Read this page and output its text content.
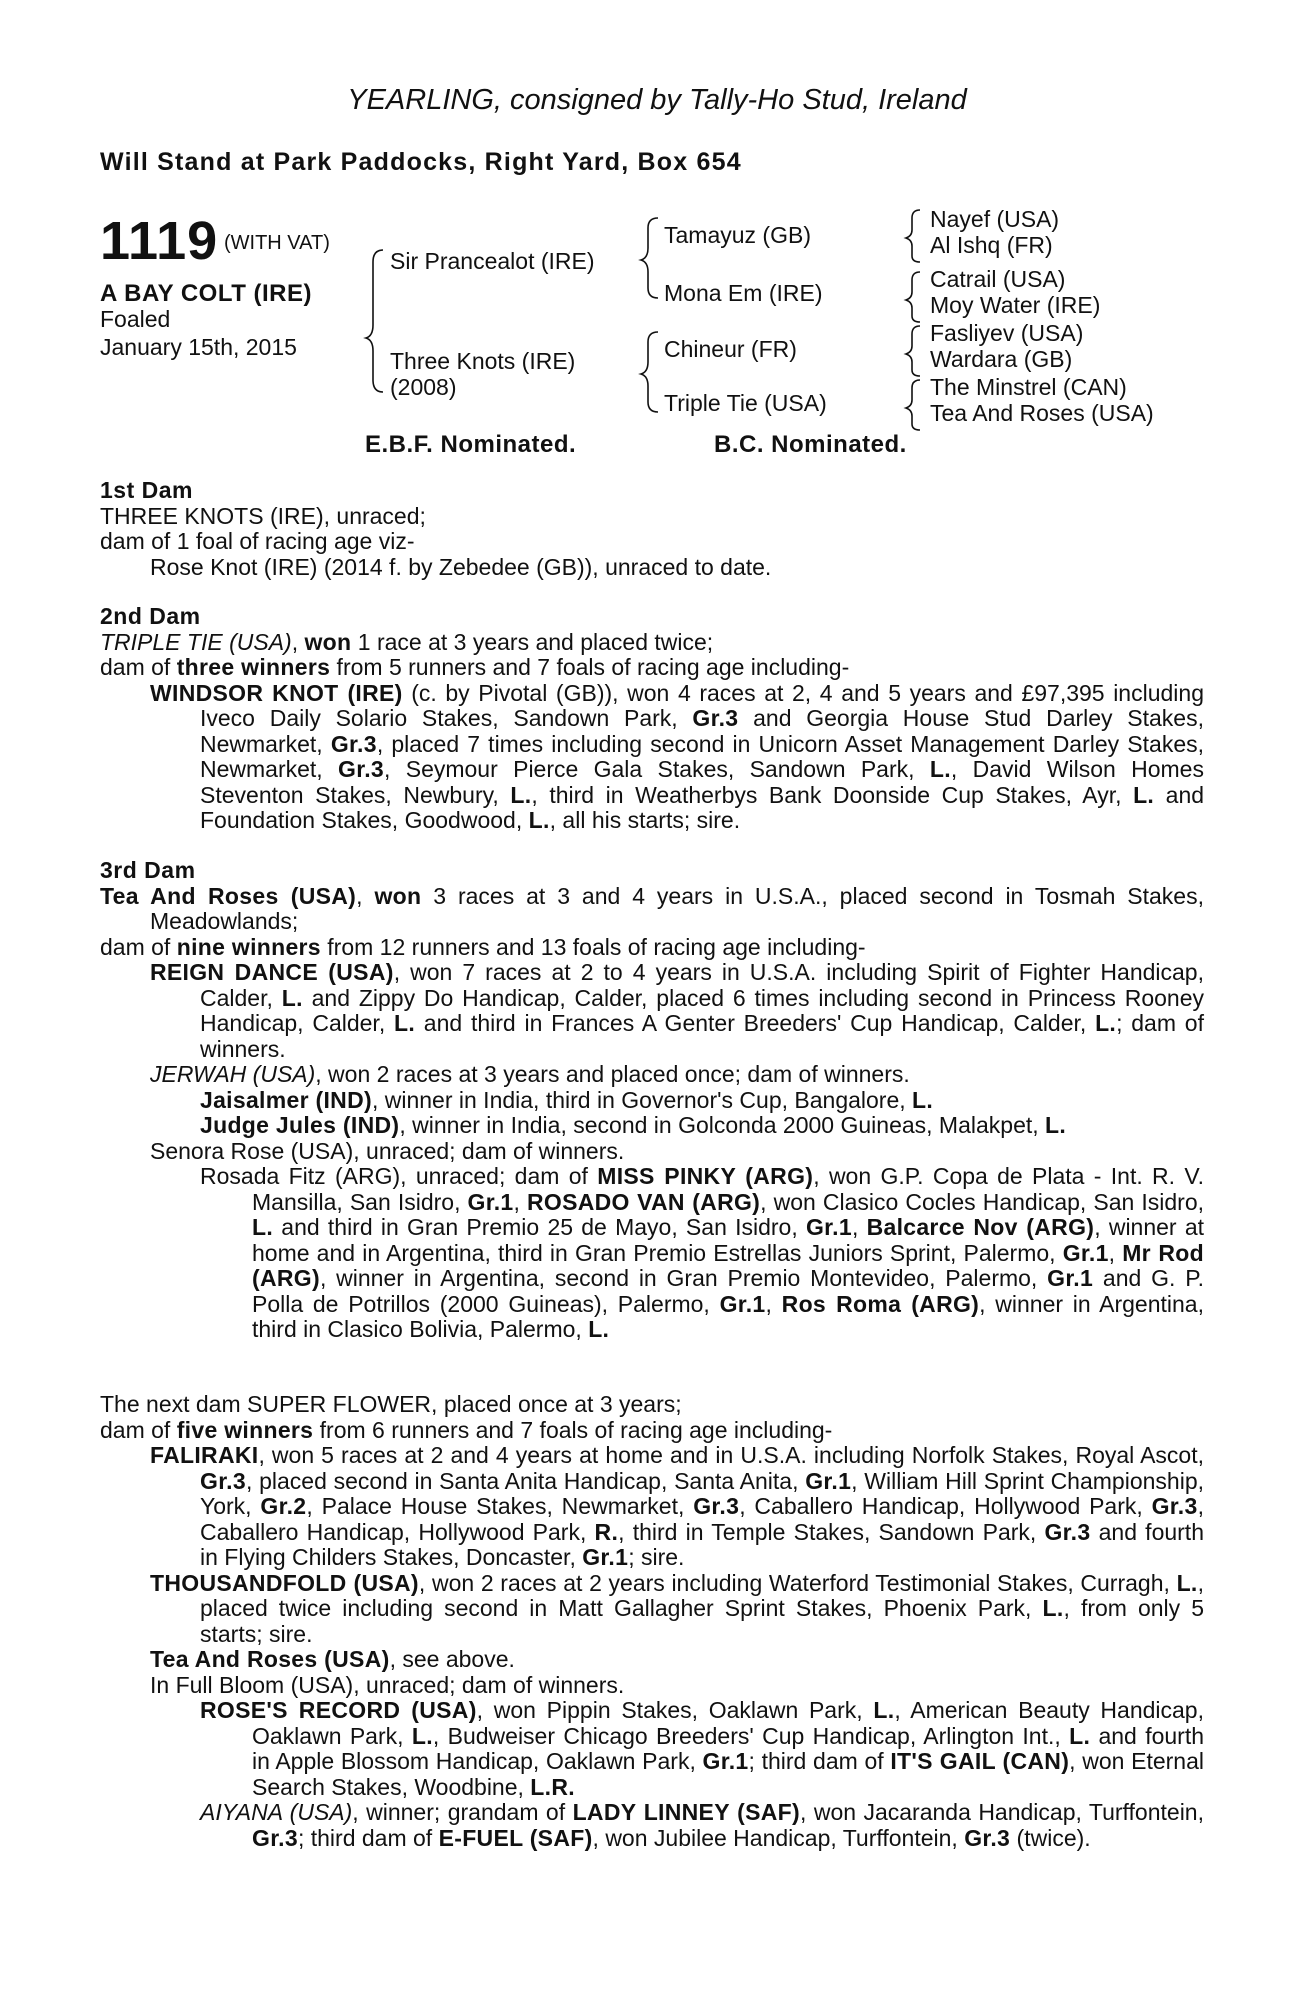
YEARLING, consigned by Tally-Ho Stud, Ireland
Will Stand at Park Paddocks, Right Yard, Box 654
1119 (WITH VAT)
A BAY COLT (IRE)
Foaled
January 15th, 2015
Sir Prancealot (IRE)
Three Knots (IRE)
(2008)
Tamayuz (GB)
Mona Em (IRE)
Chineur (FR)
Triple Tie (USA)
Nayef (USA)
Al Ishq (FR)
Catrail (USA)
Moy Water (IRE)
Fasliyev (USA)
Wardara (GB)
The Minstrel (CAN)
Tea And Roses (USA)
E.B.F. Nominated.	B.C. Nominated.

1st Dam

THREE KNOTS (IRE), unraced;

dam of 1 foal of racing age viz-

Rose Knot (IRE) (2014 f. by Zebedee (GB)), unraced to date.

2nd Dam

TRIPLE TIE (USA), won 1 race at 3 years and placed twice;

dam of three winners from 5 runners and 7 foals of racing age including-

WINDSOR KNOT (IRE) (c. by Pivotal (GB)), won 4 races at 2, 4 and 5 years and £97,395 including Iveco Daily Solario Stakes, Sandown Park, Gr.3 and Georgia House Stud Darley Stakes, Newmarket, Gr.3, placed 7 times including second in Unicorn Asset Management Darley Stakes, Newmarket, Gr.3, Seymour Pierce Gala Stakes, Sandown Park, L., David Wilson Homes Steventon Stakes, Newbury, L., third in Weatherbys Bank Doonside Cup Stakes, Ayr, L. and Foundation Stakes, Goodwood, L., all his starts; sire.

3rd Dam

Tea And Roses (USA), won 3 races at 3 and 4 years in U.S.A., placed second in Tosmah Stakes, Meadowlands;

dam of nine winners from 12 runners and 13 foals of racing age including-

REIGN DANCE (USA), won 7 races at 2 to 4 years in U.S.A. including Spirit of Fighter Handicap, Calder, L. and Zippy Do Handicap, Calder, placed 6 times including second in Princess Rooney Handicap, Calder, L. and third in Frances A Genter Breeders' Cup Handicap, Calder, L.; dam of winners.

JERWAH (USA), won 2 races at 3 years and placed once; dam of winners.

Jaisalmer (IND), winner in India, third in Governor's Cup, Bangalore, L.

Judge Jules (IND), winner in India, second in Golconda 2000 Guineas, Malakpet, L.

Senora Rose (USA), unraced; dam of winners.

Rosada Fitz (ARG), unraced; dam of MISS PINKY (ARG), won G.P. Copa de Plata - Int. R. V. Mansilla, San Isidro, Gr.1, ROSADO VAN (ARG), won Clasico Cocles Handicap, San Isidro, L. and third in Gran Premio 25 de Mayo, San Isidro, Gr.1, Balcarce Nov (ARG), winner at home and in Argentina, third in Gran Premio Estrellas Juniors Sprint, Palermo, Gr.1, Mr Rod (ARG), winner in Argentina, second in Gran Premio Montevideo, Palermo, Gr.1 and G. P. Polla de Potrillos (2000 Guineas), Palermo, Gr.1, Ros Roma (ARG), winner in Argentina, third in Clasico Bolivia, Palermo, L.

The next dam SUPER FLOWER, placed once at 3 years;

dam of five winners from 6 runners and 7 foals of racing age including-

FALIRAKI, won 5 races at 2 and 4 years at home and in U.S.A. including Norfolk Stakes, Royal Ascot, Gr.3, placed second in Santa Anita Handicap, Santa Anita, Gr.1, William Hill Sprint Championship, York, Gr.2, Palace House Stakes, Newmarket, Gr.3, Caballero Handicap, Hollywood Park, Gr.3, Caballero Handicap, Hollywood Park, R., third in Temple Stakes, Sandown Park, Gr.3 and fourth in Flying Childers Stakes, Doncaster, Gr.1; sire.

THOUSANDFOLD (USA), won 2 races at 2 years including Waterford Testimonial Stakes, Curragh, L., placed twice including second in Matt Gallagher Sprint Stakes, Phoenix Park, L., from only 5 starts; sire.

Tea And Roses (USA), see above.

In Full Bloom (USA), unraced; dam of winners.

ROSE'S RECORD (USA), won Pippin Stakes, Oaklawn Park, L., American Beauty Handicap, Oaklawn Park, L., Budweiser Chicago Breeders' Cup Handicap, Arlington Int., L. and fourth in Apple Blossom Handicap, Oaklawn Park, Gr.1; third dam of IT'S GAIL (CAN), won Eternal Search Stakes, Woodbine, L.R.

AIYANA (USA), winner; grandam of LADY LINNEY (SAF), won Jacaranda Handicap, Turffontein, Gr.3; third dam of E-FUEL (SAF), won Jubilee Handicap, Turffontein, Gr.3 (twice).
